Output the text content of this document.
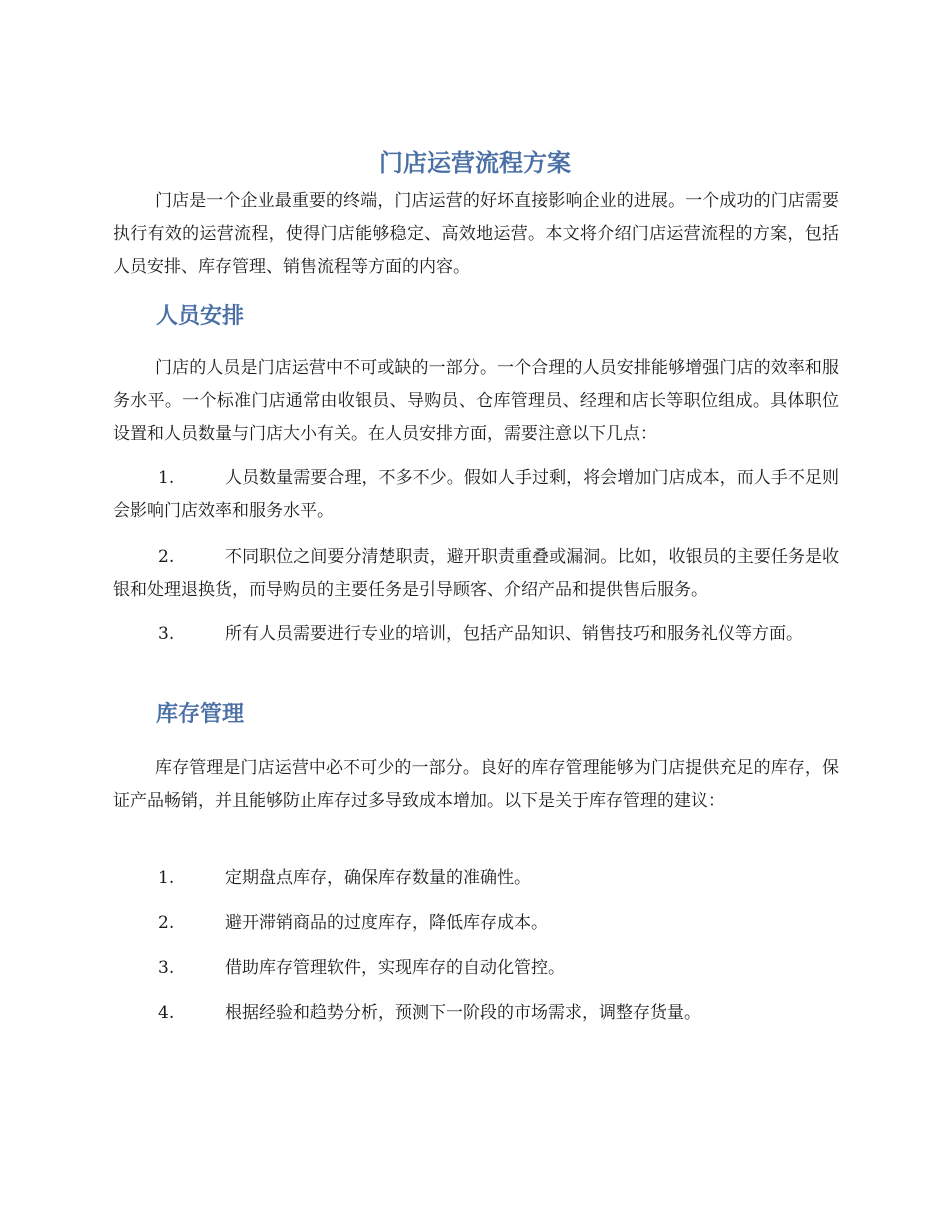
门店运营流程方案

门店是一个企业最重要的终端，门店运营的好坏直接影响企业的进展。一个成功的门店需要执行有效的运营流程，使得门店能够稳定、高效地运营。本文将介绍门店运营流程的方案，包括人员安排、库存管理、销售流程等方面的内容。

人员安排

门店的人员是门店运营中不可或缺的一部分。一个合理的人员安排能够增强门店的效率和服务水平。一个标准门店通常由收银员、导购员、仓库管理员、经理和店长等职位组成。具体职位设置和人员数量与门店大小有关。在人员安排方面，需要注意以下几点：

1.	人员数量需要合理，不多不少。假如人手过剩，将会增加门店成本，而人手不足则会影响门店效率和服务水平。

2.	不同职位之间要分清楚职责，避开职责重叠或漏洞。比如，收银员的主要任务是收银和处理退换货，而导购员的主要任务是引导顾客、介绍产品和提供售后服务。

3.	所有人员需要进行专业的培训，包括产品知识、销售技巧和服务礼仪等方面。

库存管理

库存管理是门店运营中必不可少的一部分。良好的库存管理能够为门店提供充足的库存，保证产品畅销，并且能够防止库存过多导致成本增加。以下是关于库存管理的建议：

1.	定期盘点库存，确保库存数量的准确性。

2.	避开滞销商品的过度库存，降低库存成本。

3.	借助库存管理软件，实现库存的自动化管控。

4.	根据经验和趋势分析，预测下一阶段的市场需求，调整存货量。
